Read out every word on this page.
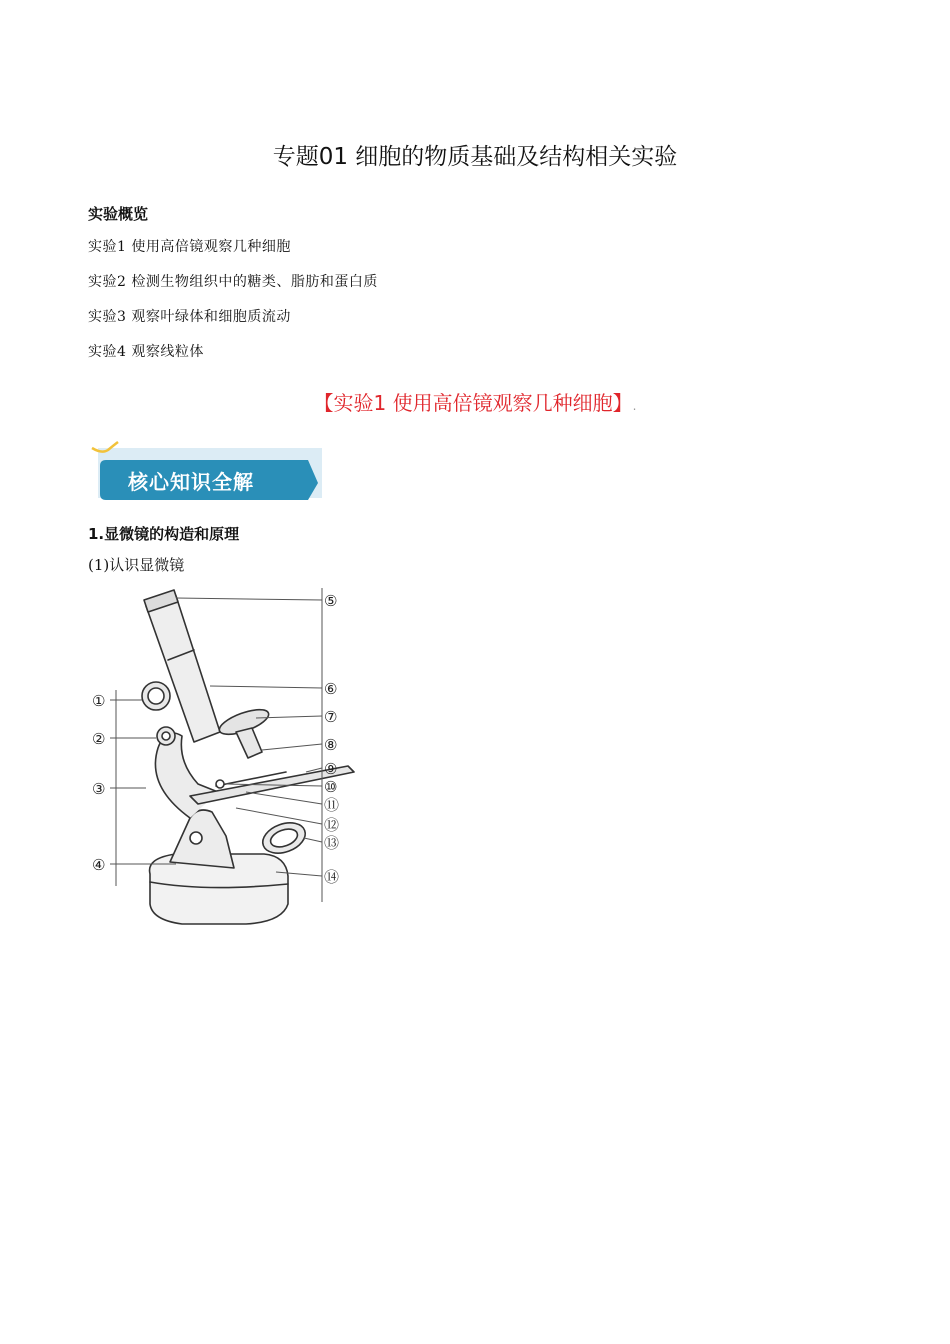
专题01 细胞的物质基础及结构相关实验
实验概览
实验1 使用高倍镜观察几种细胞
实验2 检测生物组织中的糖类、脂肪和蛋白质
实验3 观察叶绿体和细胞质流动
实验4 观察线粒体
【实验1 使用高倍镜观察几种细胞】.
核心知识全解
1.显微镜的构造和原理
(1)认识显微镜
①
②
③
④
⑤
⑥
⑦
⑧
⑨
⑩
⑪
⑫
⑬
⑭
